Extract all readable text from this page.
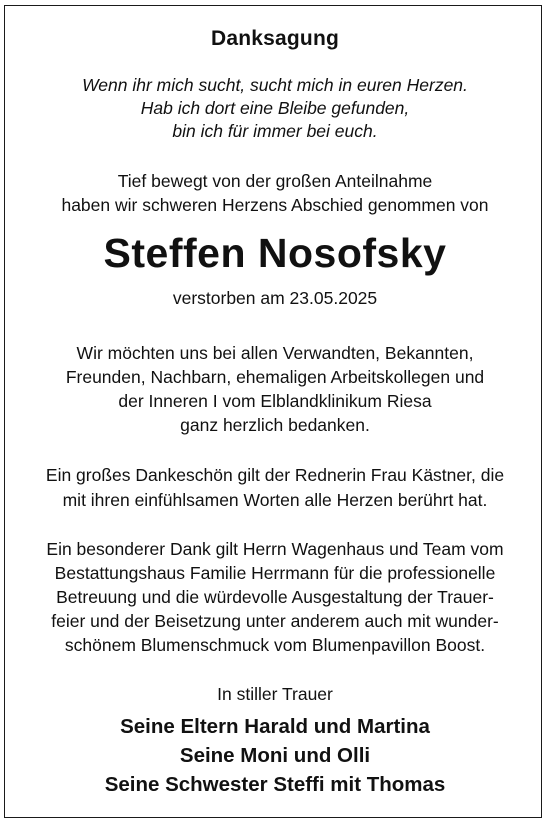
Danksagung
Wenn ihr mich sucht, sucht mich in euren Herzen.
Hab ich dort eine Bleibe gefunden,
bin ich für immer bei euch.
Tief bewegt von der großen Anteilnahme
haben wir schweren Herzens Abschied genommen von
Steffen Nosofsky
verstorben am 23.05.2025
Wir möchten uns bei allen Verwandten, Bekannten,
Freunden, Nachbarn, ehemaligen Arbeitskollegen und
der Inneren I vom Elblandklinikum Riesa
ganz herzlich bedanken.
Ein großes Dankeschön gilt der Rednerin Frau Kästner, die
mit ihren einfühlsamen Worten alle Herzen berührt hat.
Ein besonderer Dank gilt Herrn Wagenhaus und Team vom
Bestattungshaus Familie Herrmann für die professionelle
Betreuung und die würdevolle Ausgestaltung der Trauer-
feier und der Beisetzung unter anderem auch mit wunder-
schönem Blumenschmuck vom Blumenpavillon Boost.
In stiller Trauer
Seine Eltern Harald und Martina
Seine Moni und Olli
Seine Schwester Steffi mit Thomas
